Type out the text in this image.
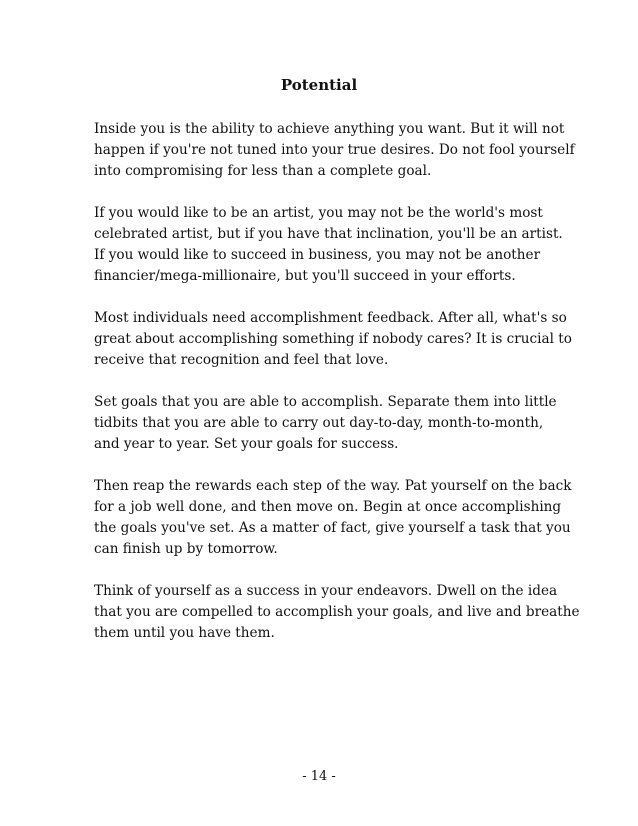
Potential

Inside you is the ability to achieve anything you want. But it will not
happen if you're not tuned into your true desires. Do not fool yourself
into compromising for less than a complete goal.

If you would like to be an artist, you may not be the world's most
celebrated artist, but if you have that inclination, you'll be an artist.
If you would like to succeed in business, you may not be another
financier/mega-millionaire, but you'll succeed in your efforts.

Most individuals need accomplishment feedback. After all, what's so
great about accomplishing something if nobody cares? It is crucial to
receive that recognition and feel that love.

Set goals that you are able to accomplish. Separate them into little
tidbits that you are able to carry out day-to-day, month-to-month,
and year to year. Set your goals for success.

Then reap the rewards each step of the way. Pat yourself on the back
for a job well done, and then move on. Begin at once accomplishing
the goals you've set. As a matter of fact, give yourself a task that you
can finish up by tomorrow.

Think of yourself as a success in your endeavors. Dwell on the idea
that you are compelled to accomplish your goals, and live and breathe
them until you have them.

- 14 -
